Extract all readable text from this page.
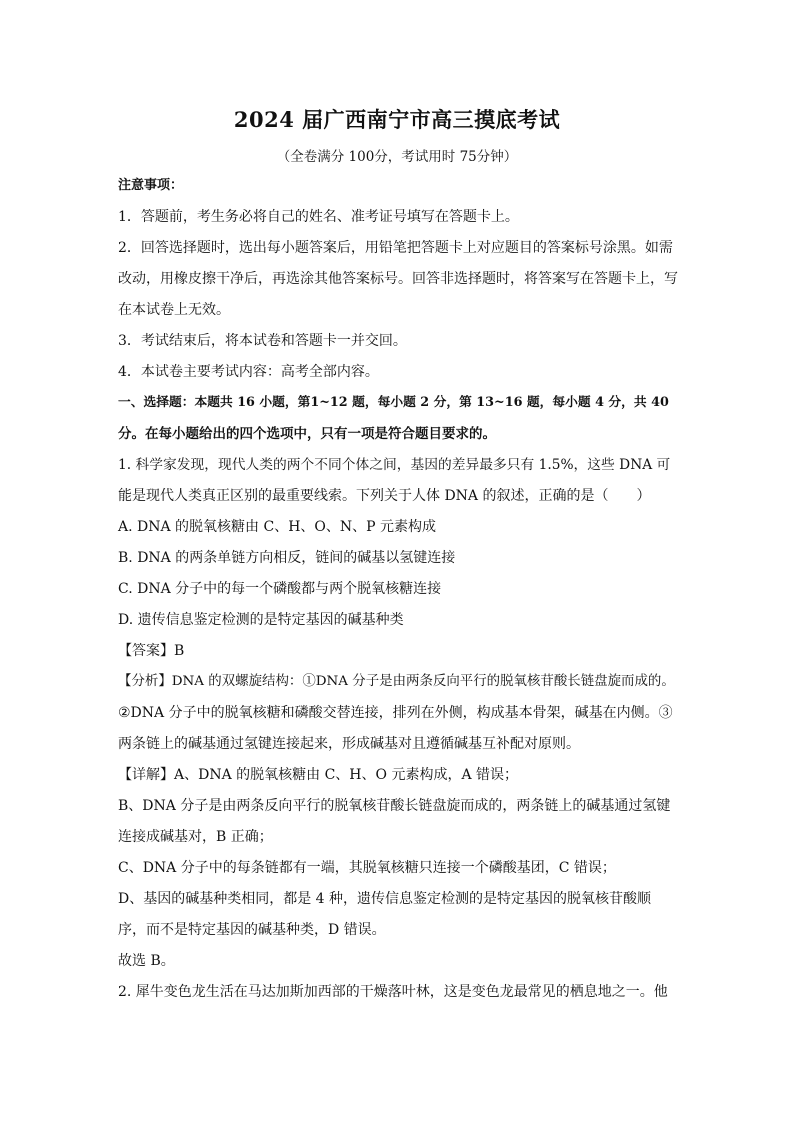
2024 届广西南宁市高三摸底考试
（全卷满分 100分，考试用时 75分钟）
注意事项：
1．答题前，考生务必将自己的姓名、准考证号填写在答题卡上。
2．回答选择题时，选出每小题答案后，用铅笔把答题卡上对应题目的答案标号涂黑。如需
改动，用橡皮擦干净后，再选涂其他答案标号。回答非选择题时，将答案写在答题卡上，写
在本试卷上无效。
3．考试结束后，将本试卷和答题卡一并交回。
4．本试卷主要考试内容：高考全部内容。
一、选择题：本题共 16 小题，第1~12 题，每小题 2 分，第 13~16 题，每小题 4 分，共 40
分。在每小题给出的四个选项中，只有一项是符合题目要求的。
1. 科学家发现，现代人类的两个不同个体之间，基因的差异最多只有 1.5%，这些 DNA 可
能是现代人类真正区别的最重要线索。下列关于人体 DNA 的叙述，正确的是（　　）
A. DNA 的脱氧核糖由 C、H、O、N、P 元素构成
B. DNA 的两条单链方向相反，链间的碱基以氢键连接
C. DNA 分子中的每一个磷酸都与两个脱氧核糖连接
D. 遗传信息鉴定检测的是特定基因的碱基种类
【答案】B
【分析】DNA 的双螺旋结构：①DNA 分子是由两条反向平行的脱氧核苷酸长链盘旋而成的。
②DNA 分子中的脱氧核糖和磷酸交替连接，排列在外侧，构成基本骨架，碱基在内侧。③
两条链上的碱基通过氢键连接起来，形成碱基对且遵循碱基互补配对原则。
【详解】A、DNA 的脱氧核糖由 C、H、O 元素构成，A 错误；
B、DNA 分子是由两条反向平行的脱氧核苷酸长链盘旋而成的，两条链上的碱基通过氢键
连接成碱基对，B 正确；
C、DNA 分子中的每条链都有一端，其脱氧核糖只连接一个磷酸基团，C 错误；
D、基因的碱基种类相同，都是 4 种，遗传信息鉴定检测的是特定基因的脱氧核苷酸顺
序，而不是特定基因的碱基种类，D 错误。
故选 B。
2. 犀牛变色龙生活在马达加斯加西部的干燥落叶林，这是变色龙最常见的栖息地之一。他
